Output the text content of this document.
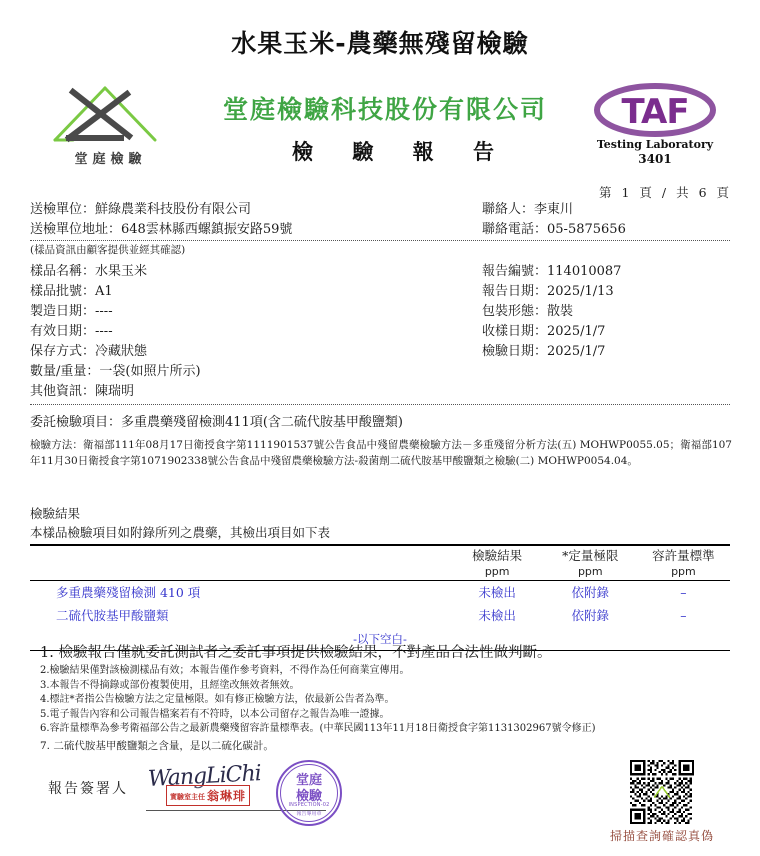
水果玉米-農藥無殘留檢驗
堂庭檢驗
堂庭檢驗科技股份有限公司
檢 驗 報 告
TAF
Testing Laboratory
3401
第 1 頁 / 共 6 頁
送檢單位：鮮綠農業科技股份有限公司	聯絡人：李東川
送檢單位地址：648雲林縣西螺鎮振安路59號	聯絡電話：05-5875656
(樣品資訊由顧客提供並經其確認)
樣品名稱：水果玉米	報告編號：114010087
樣品批號：A1	報告日期：2025/1/13
製造日期：----	包裝形態：散裝
有效日期：----	收樣日期：2025/1/7
保存方式：冷藏狀態	檢驗日期：2025/1/7
數量/重量：一袋(如照片所示)
其他資訊：陳瑞明
委託檢驗項目：多重農藥殘留檢測411項(含二硫代胺基甲酸鹽類)
檢驗方法：衛福部111年08月17日衛授食字第1111901537號公告食品中殘留農藥檢驗方法－多重殘留分析方法(五) MOHWP0055.05；衛福部107年11月30日衛授食字第1071902338號公告食品中殘留農藥檢驗方法-殺菌劑二硫代胺基甲酸鹽類之檢驗(二) MOHWP0054.04。
檢驗結果
本樣品檢驗項目如附錄所列之農藥，其檢出項目如下表
	檢驗結果	*定量極限	容許量標準
	ppm	ppm	ppm
多重農藥殘留檢測 410 項	未檢出	依附錄	–
二硫代胺基甲酸鹽類	未檢出	依附錄	–
-以下空白-			
1. 檢驗報告僅就委託測試者之委託事項提供檢驗結果，不對產品合法性做判斷。
2.檢驗結果僅對該檢測樣品有效；本報告僅作參考資料，不得作為任何商業宣傳用。
3.本報告不得摘錄或部份複製使用，且經塗改無效者無效。
4.標註*者指公告檢驗方法之定量極限。如有修正檢驗方法，依最新公告者為準。
5.電子報告內容和公司報告檔案若有不符時，以本公司留存之報告為唯一證據。
6.容許量標準為參考衛福部公告之最新農藥殘留容許量標準表。(中華民國113年11月18日衛授食字第1131302967號令修正)
7. 二硫代胺基甲酸鹽類之含量，是以二硫化碳計。
報告簽署人 WangLiChi
實驗室主任 翁琳琲
堂庭
檢驗
INSPECTION-02
報告專用章
掃描查詢確認真偽
